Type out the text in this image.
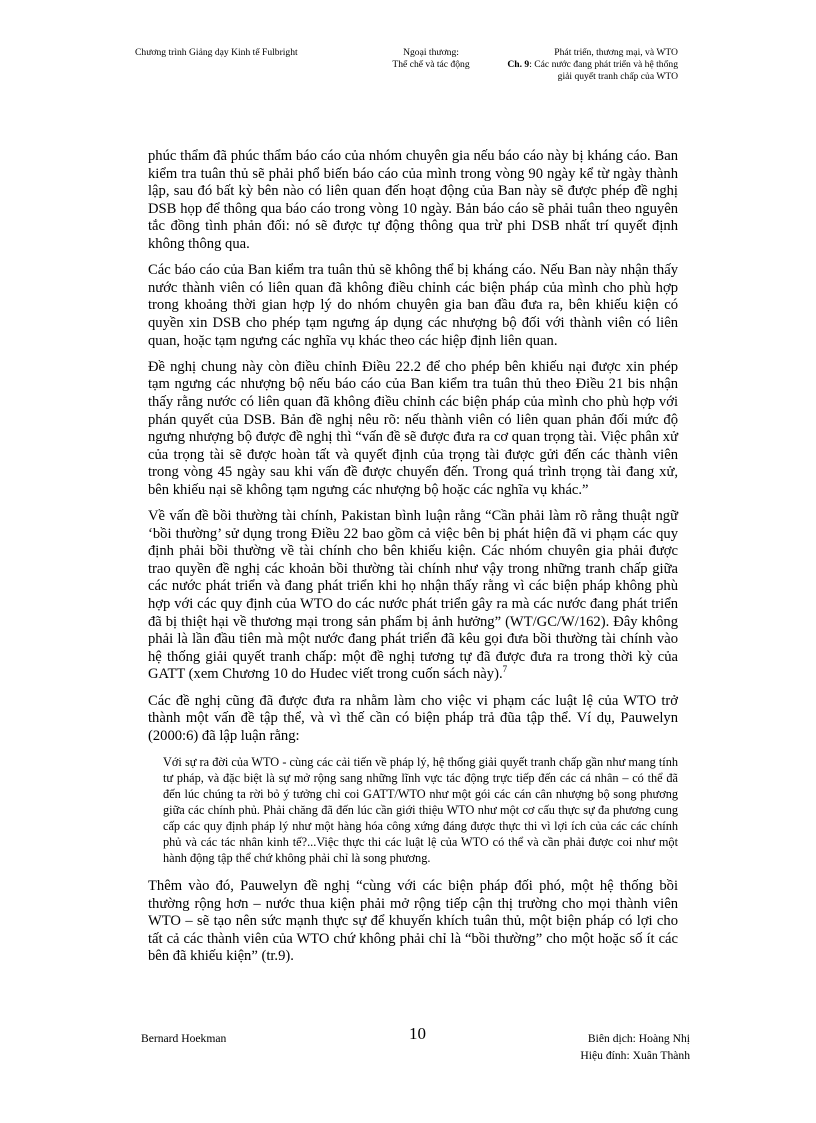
Chương trình Giảng dạy Kinh tế Fulbright	Ngoại thương:
Thể chế và tác động
Phát triển, thương mại, và WTO
Ch. 9: Các nước đang phát triển và hệ thống
giải quyết tranh chấp của WTO

phúc thẩm đã phúc thẩm báo cáo của nhóm chuyên gia nếu báo cáo này bị kháng cáo. Ban kiểm tra tuân thủ sẽ phải phổ biến báo cáo của mình trong vòng 90 ngày kể từ ngày thành lập, sau đó bất kỳ bên nào có liên quan đến hoạt động của Ban này sẽ được phép đề nghị DSB họp để thông qua báo cáo trong vòng 10 ngày. Bản báo cáo sẽ phải tuân theo nguyên tắc đồng tình phản đối: nó sẽ được tự động thông qua trừ phi DSB nhất trí quyết định không thông qua.

Các báo cáo của Ban kiểm tra tuân thủ sẽ không thể bị kháng cáo. Nếu Ban này nhận thấy nước thành viên có liên quan đã không điều chỉnh các biện pháp của mình cho phù hợp trong khoảng thời gian hợp lý do nhóm chuyên gia ban đầu đưa ra, bên khiếu kiện có quyền xin DSB cho phép tạm ngưng áp dụng các nhượng bộ đối với thành viên có liên quan, hoặc tạm ngưng các nghĩa vụ khác theo các hiệp định liên quan.

Đề nghị chung này còn điều chỉnh Điều 22.2 để cho phép bên khiếu nại được xin phép tạm ngưng các nhượng bộ nếu báo cáo của Ban kiểm tra tuân thủ theo Điều 21 bis nhận thấy rằng nước có liên quan đã không điều chỉnh các biện pháp của mình cho phù hợp với phán quyết của DSB. Bản đề nghị nêu rõ: nếu thành viên có liên quan phản đối mức độ ngưng nhượng bộ được đề nghị thì “vấn đề sẽ được đưa ra cơ quan trọng tài. Việc phân xử của trọng tài sẽ được hoàn tất và quyết định của trọng tài được gửi đến các thành viên trong vòng 45 ngày sau khi vấn đề được chuyển đến. Trong quá trình trọng tài đang xử, bên khiếu nại sẽ không tạm ngưng các nhượng bộ hoặc các nghĩa vụ khác.”

Về vấn đề bồi thường tài chính, Pakistan bình luận rằng “Cần phải làm rõ rằng thuật ngữ ‘bồi thường’ sử dụng trong Điều 22 bao gồm cả việc bên bị phát hiện đã vi phạm các quy định phải bồi thường về tài chính cho bên khiếu kiện. Các nhóm chuyên gia phải được trao quyền đề nghị các khoản bồi thường tài chính như vậy trong những tranh chấp giữa các nước phát triển và đang phát triển khi họ nhận thấy rằng vì các biện pháp không phù hợp với các quy định của WTO do các nước phát triển gây ra mà các nước đang phát triển đã bị thiệt hại về thương mại trong sản phẩm bị ảnh hưởng” (WT/GC/W/162). Đây không phải là lần đầu tiên mà một nước đang phát triển đã kêu gọi đưa bồi thường tài chính vào hệ thống giải quyết tranh chấp: một đề nghị tương tự đã được đưa ra trong thời kỳ của GATT (xem Chương 10 do Hudec viết trong cuốn sách này).$^7$

Các đề nghị cũng đã được đưa ra nhằm làm cho việc vi phạm các luật lệ của WTO trở thành một vấn đề tập thể, và vì thế cần có biện pháp trả đũa tập thể. Ví dụ, Pauwelyn (2000:6) đã lập luận rằng:

Với sự ra đời của WTO - cùng các cải tiến về pháp lý, hệ thống giải quyết tranh chấp gần như mang tính tư pháp, và đặc biệt là sự mở rộng sang những lĩnh vực tác động trực tiếp đến các cá nhân – có thể đã đến lúc chúng ta rời bỏ ý tưởng chỉ coi GATT/WTO như một gói các cán cân nhượng bộ song phương giữa các chính phủ. Phải chăng đã đến lúc cần giới thiệu WTO như một cơ cấu thực sự đa phương cung cấp các quy định pháp lý như một hàng hóa công xứng đáng được thực thi vì lợi ích của các các chính phủ và các tác nhân kinh tế?...Việc thực thi các luật lệ của WTO có thể và cần phải được coi như một hành động tập thể chứ không phải chỉ là song phương.

Thêm vào đó, Pauwelyn đề nghị “cùng với các biện pháp đối phó, một hệ thống bồi thường rộng hơn – nước thua kiện phải mở rộng tiếp cận thị trường cho mọi thành viên WTO – sẽ tạo nên sức mạnh thực sự để khuyến khích tuân thủ, một biện pháp có lợi cho tất cả các thành viên của WTO chứ không phải chỉ là “bồi thường” cho một hoặc số ít các bên đã khiếu kiện” (tr.9).

Bernard Hoekman	10	Biên dịch: Hoàng Nhị
Hiệu đính: Xuân Thành
